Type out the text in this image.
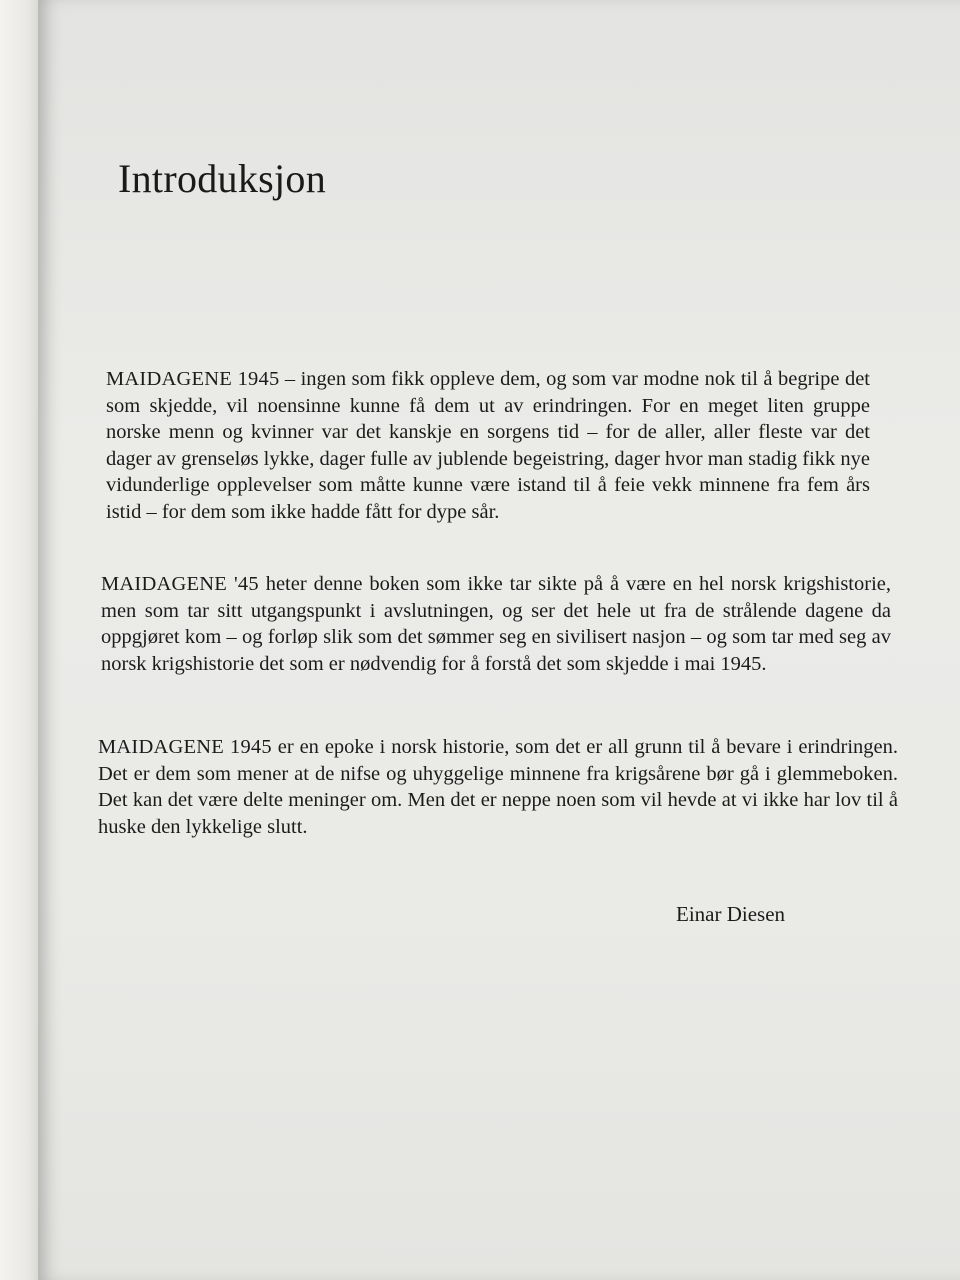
Introduksjon

MAIDAGENE 1945 – ingen som fikk oppleve dem, og som var modne nok til å begripe det som skjedde, vil noensinne kunne få dem ut av erindringen. For en meget liten gruppe norske menn og kvinner var det kanskje en sorgens tid – for de aller, aller fleste var det dager av grenseløs lykke, dager fulle av jublende begeistring, dager hvor man stadig fikk nye vidunderlige opplevelser som måtte kunne være istand til å feie vekk minnene fra fem års istid – for dem som ikke hadde fått for dype sår.

MAIDAGENE '45 heter denne boken som ikke tar sikte på å være en hel norsk krigshistorie, men som tar sitt utgangspunkt i avslutningen, og ser det hele ut fra de strålende dagene da oppgjøret kom – og forløp slik som det sømmer seg en sivilisert nasjon – og som tar med seg av norsk krigshistorie det som er nødvendig for å forstå det som skjedde i mai 1945.

MAIDAGENE 1945 er en epoke i norsk historie, som det er all grunn til å bevare i erindringen. Det er dem som mener at de nifse og uhyggelige minnene fra krigsårene bør gå i glemmeboken. Det kan det være delte meninger om. Men det er neppe noen som vil hevde at vi ikke har lov til å huske den lykkelige slutt.

Einar Diesen
